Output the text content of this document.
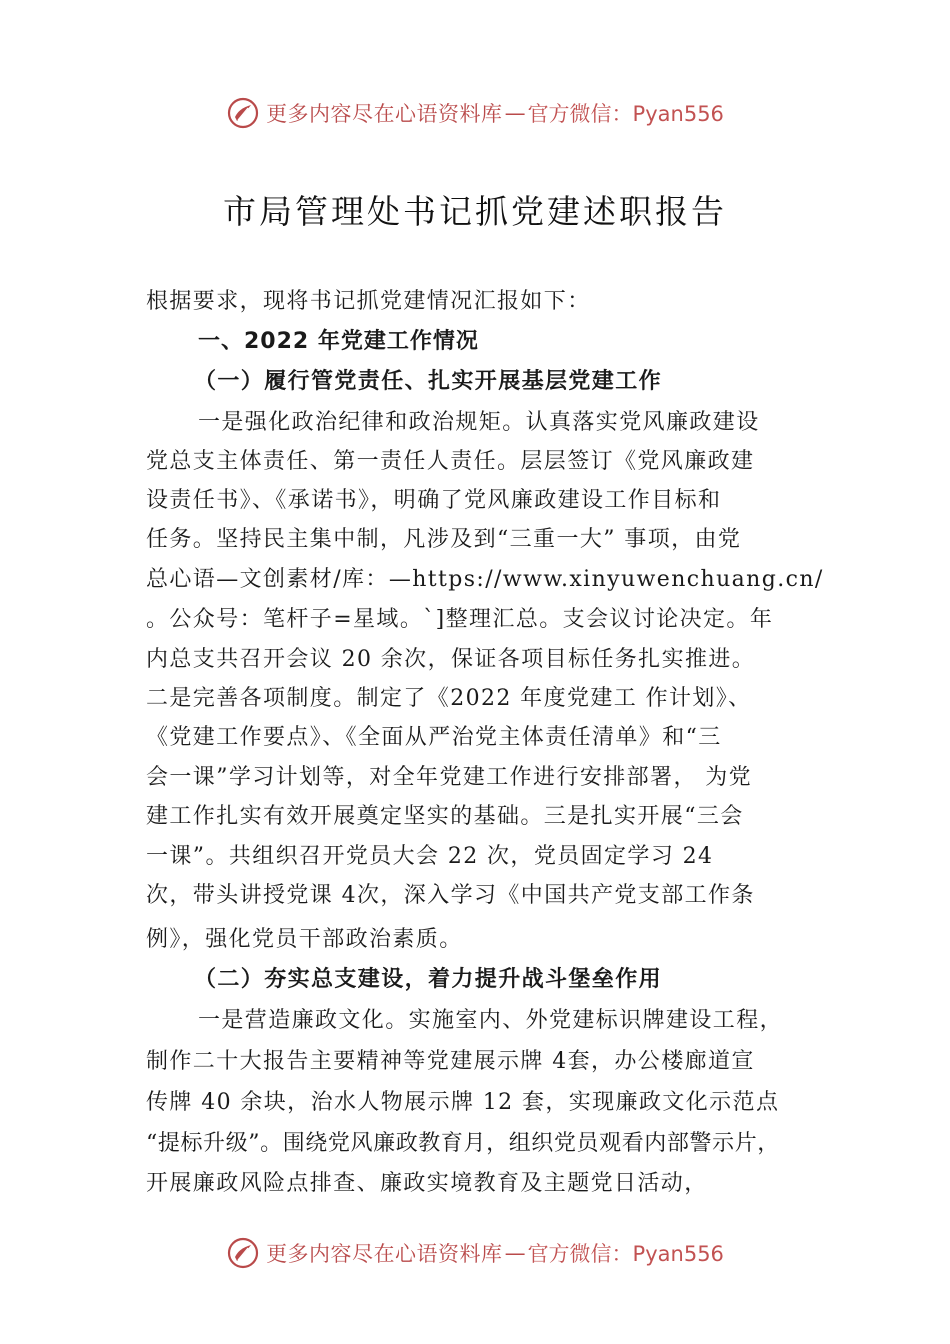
更多内容尽在心语资料库 — 官方微信：Pyan556
市局管理处书记抓党建述职报告
根据要求，现将书记抓党建情况汇报如下：
一、2022 年党建工作情况
（一）履行管党责任、扎实开展基层党建工作
一是强化政治纪律和政治规矩。认真落实党风廉政建设
党总支主体责任、第一责任人责任。层层签订《党风廉政建
设责任书》、《承诺书》，明确了党风廉政建设工作目标和
任务。坚持民主集中制，凡涉及到“三重一大” 事项，由党
总心语—文创素材/库：—https://www.xinyuwenchuang.cn/
。公众号：笔杆子=星域。`]整理汇总。支会议讨论决定。年
内总支共召开会议 20 余次，保证各项目标任务扎实推进。
二是完善各项制度。制定了《2022 年度党建工 作计划》、
《党建工作要点》、《全面从严治党主体责任清单》和“三
会一课”学习计划等，对全年党建工作进行安排部署， 为党
建工作扎实有效开展奠定坚实的基础。三是扎实开展“三会
一课”。共组织召开党员大会 22 次，党员固定学习 24
次，带头讲授党课 4次，深入学习《中国共产党支部工作条
例》，强化党员干部政治素质。
（二）夯实总支建设，着力提升战斗堡垒作用
一是营造廉政文化。实施室内、外党建标识牌建设工程，
制作二十大报告主要精神等党建展示牌 4套，办公楼廊道宣
传牌 40 余块，治水人物展示牌 12 套，实现廉政文化示范点
“提标升级”。围绕党风廉政教育月，组织党员观看内部警示片，
开展廉政风险点排查、廉政实境教育及主题党日活动，
更多内容尽在心语资料库 — 官方微信：Pyan556
